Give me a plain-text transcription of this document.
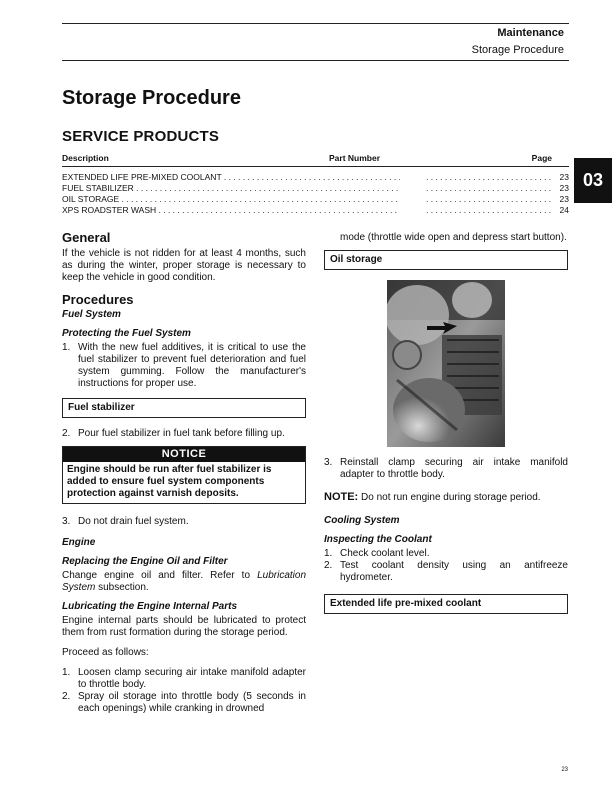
Maintenance
Storage Procedure
Storage Procedure
SERVICE PRODUCTS
Description	Part Number	Page
EXTENDED LIFE PRE-MIXED COOLANT . . . . . .	23
FUEL STABILIZER . . . . . .	23
OIL STORAGE . . . . . .	23
XPS ROADSTER WASH . . . . . .	24
03
General

If the vehicle is not ridden for at least 4 months, such as during the winter, proper storage is necessary to keep the vehicle in good condition.

Procedures
Fuel System
Protecting the Fuel System
1. With the new fuel additives, it is critical to use the fuel stabilizer to prevent fuel deterioration and fuel system gumming. Follow the manufacturer's instructions for proper use.
Fuel stabilizer
2. Pour fuel stabilizer in fuel tank before filling up.
NOTICE
Engine should be run after fuel stabilizer is added to ensure fuel system components protection against varnish deposits.
3. Do not drain fuel system.
Engine
Replacing the Engine Oil and Filter

Change engine oil and filter. Refer to Lubrication System subsection.

Lubricating the Engine Internal Parts

Engine internal parts should be lubricated to protect them from rust formation during the storage period.

Proceed as follows:

1. Loosen clamp securing air intake manifold adapter to throttle body.
2. Spray oil storage into throttle body (5 seconds in each openings) while cranking in drowned

mode (throttle wide open and depress start button).

Oil storage
3. Reinstall clamp securing air intake manifold adapter to throttle body.

NOTE: Do not run engine during storage period.

Cooling System
Inspecting the Coolant
1. Check coolant level.
2. Test coolant density using an antifreeze hydrometer.
Extended life pre-mixed coolant
23
